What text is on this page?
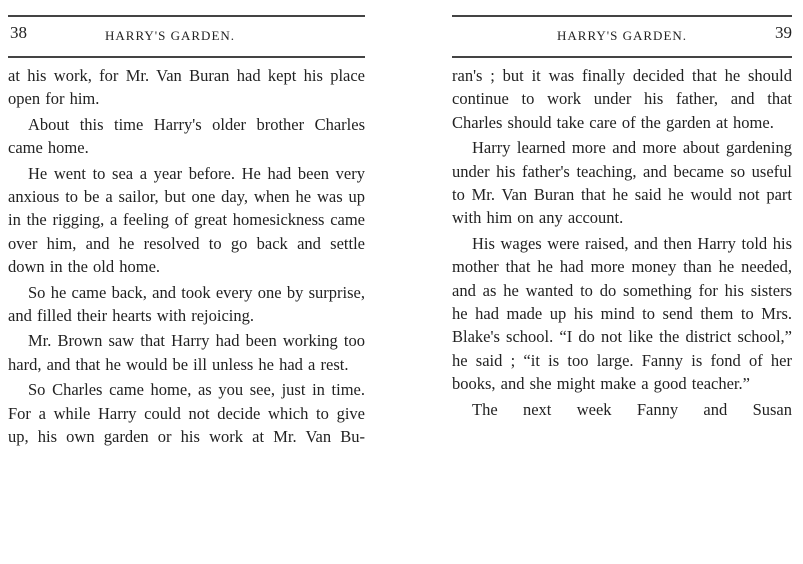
38	HARRY'S GARDEN.

at his work, for Mr. Van Buran had kept his place open for him.

About this time Harry's older brother Charles came home.

He went to sea a year before. He had been very anxious to be a sailor, but one day, when he was up in the rigging, a feeling of great homesickness came over him, and he resolved to go back and settle down in the old home.

So he came back, and took every one by surprise, and filled their hearts with rejoicing.

Mr. Brown saw that Harry had been working too hard, and that he would be ill unless he had a rest.

So Charles came home, as you see, just in time. For a while Harry could not decide which to give up, his own garden or his work at Mr. Van Bu-

HARRY'S GARDEN.	39

ran's ; but it was finally decided that he should continue to work under his father, and that Charles should take care of the garden at home.

Harry learned more and more about gardening under his father's teaching, and became so useful to Mr. Van Buran that he said he would not part with him on any account.

His wages were raised, and then Harry told his mother that he had more money than he needed, and as he wanted to do something for his sisters he had made up his mind to send them to Mrs. Blake's school. “I do not like the district school,” he said ; “it is too large. Fanny is fond of her books, and she might make a good teacher.”

The next week Fanny and Susan
